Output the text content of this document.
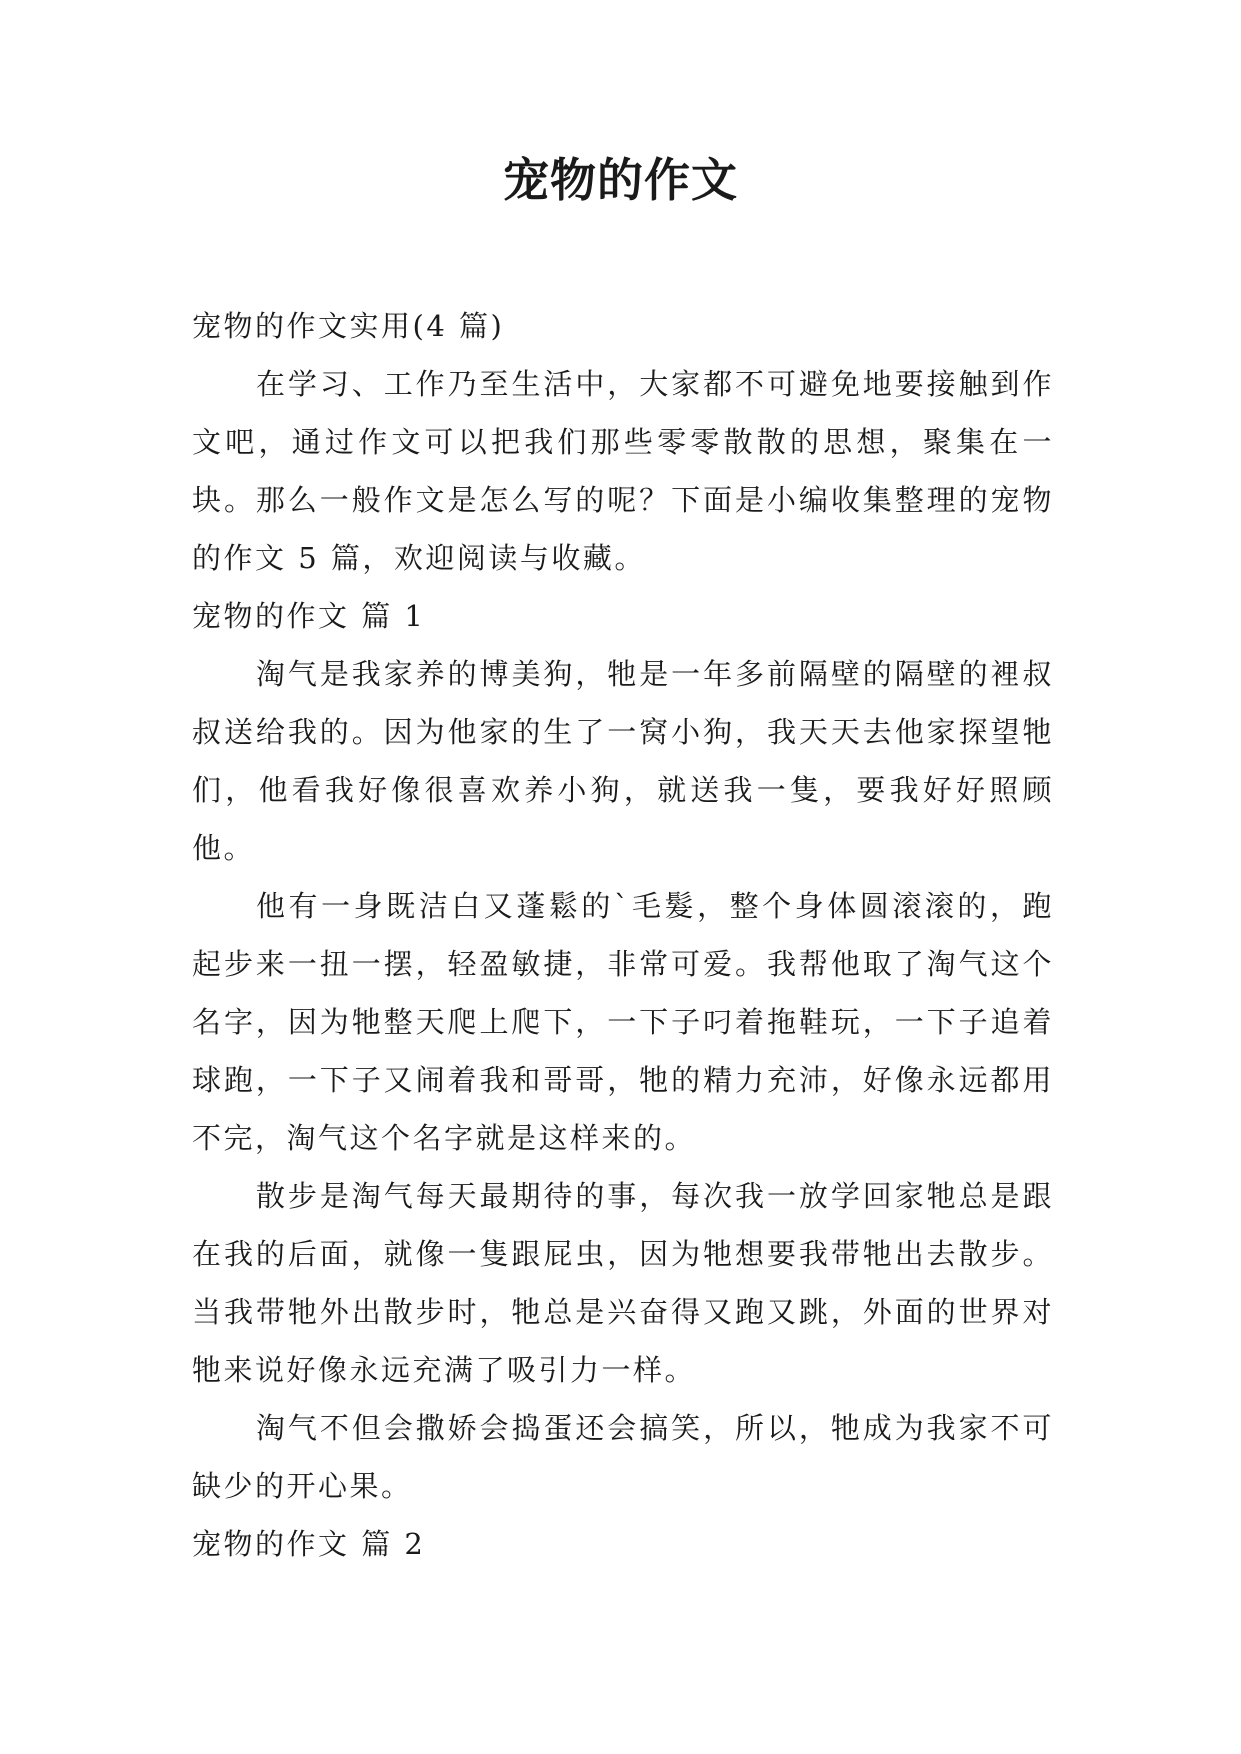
宠物的作文

宠物的作文实用(4 篇)

在学习、工作乃至生活中，大家都不可避免地要接触到作文吧，通过作文可以把我们那些零零散散的思想，聚集在一块。那么一般作文是怎么写的呢？下面是小编收集整理的宠物的作文 5 篇，欢迎阅读与收藏。

宠物的作文 篇 1

淘气是我家养的博美狗，牠是一年多前隔壁的隔壁的裡叔叔送给我的。因为他家的生了一窝小狗，我天天去他家探望牠们，他看我好像很喜欢养小狗，就送我一隻，要我好好照顾他。

他有一身既洁白又蓬鬆的`毛髮，整个身体圆滚滚的，跑起步来一扭一摆，轻盈敏捷，非常可爱。我帮他取了淘气这个名字，因为牠整天爬上爬下，一下子叼着拖鞋玩，一下子追着球跑，一下子又闹着我和哥哥，牠的精力充沛，好像永远都用不完，淘气这个名字就是这样来的。

散步是淘气每天最期待的事，每次我一放学回家牠总是跟在我的后面，就像一隻跟屁虫，因为牠想要我带牠出去散步。当我带牠外出散步时，牠总是兴奋得又跑又跳，外面的世界对牠来说好像永远充满了吸引力一样。

淘气不但会撒娇会捣蛋还会搞笑，所以，牠成为我家不可缺少的开心果。

宠物的作文 篇 2
